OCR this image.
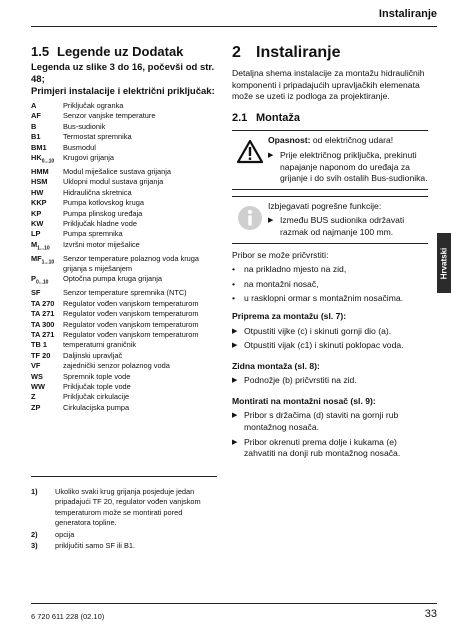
Instaliranje
Hrvatski
1.5 Legende uz Dodatak
Legenda uz slike 3 do 16, počevši od str. 48;
Primjeri instalacije i električni priključak:
A	Priključak ogranka
AF	Senzor vanjske temperature
B	Bus-sudionik
B1	Termostat spremnika
BM1	Busmodul
$HK_{0...10}$	Krugovi grijanja
HMM	Modul miješalice sustava grijanja
HSM	Uklopni modul sustava grijanja
HW	Hidraulična skretnica
KKP	Pumpa kotlovskog kruga
KP	Pumpa plinskog uređaja
KW	Priključak hladne vode
LP	Pumpa spremnika
$M_{1...10}$	Izvršni motor miješalice
$MF_{1...10}$	Senzor temperature polaznog voda kruga grijanja s miješanjem
$P_{0...10}$	Optočna pumpa kruga grijanja
SF	Senzor temperature spremnika (NTC)
TA 270	Regulator vođen vanjskom temperaturom
TA 271	Regulator vođen vanjskom temperaturom
TA 300	Regulator vođen vanjskom temperaturom
TA 271	Regulator vođen vanjskom temperaturom
TB 1	temperaturni graničnik
TF 20	Daljinski upravljač
VF	zajednički senzor polaznog voda
WS	Spremnik tople vode
WW	Priključak tople vode
Z	Priključak cirkulacije
ZP	Cirkulacijska pumpa
1)	Ukoliko svaki krug grijanja posjeduje jedan pripadajući TF 20, regulator vođen vanjskom temperaturom može se montirati pored generatora topline.
2)	opcija
3)	priključiti samo SF ili B1.
2 Instaliranje
Detaljna shema instalacije za montažu hidrauličnih komponenti i pripadajućih upravljačkih elemenata može se uzeti iz podloga za projektiranje.
2.1 Montaža
Opasnost: od električnog udara!
▶ Prije električnog priključka, prekinuti napajanje naponom do uređaja za grijanje i do svih ostalih Bus-sudionika.
Izbjegavati pogrešne funkcije:
▶ Između BUS sudionika održavati razmak od najmanje 100 mm.
Pribor se može pričvrstiti:
•	na prikladno mjesto na zid,
•	na montažni nosač,
•	u rasklopni ormar s montažnim nosačima.
Priprema za montažu (sl. 7):
▶ Otpustiti vijke (c) i skinuti gornji dio (a).
▶ Otpustiti vijak (c1) i skinuti poklopac voda.
Zidna montaža (sl. 8):
▶ Podnožje (b) pričvrstiti na zid.
Montirati na montažni nosač (sl. 9):
▶ Pribor s držačima (d) staviti na gornji rub montažnog nosača.
▶ Pribor okrenuti prema dolje i kukama (e) zahvatiti na donji rub montažnog nosača.
6 720 611 228 (02.10)	33
